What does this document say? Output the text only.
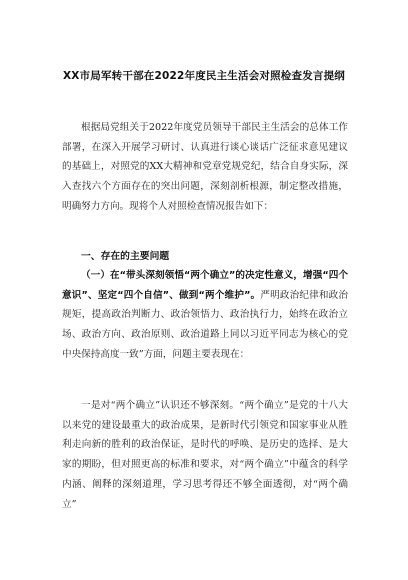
XX市局军转干部在2022年度民主生活会对照检查发言提纲

根据局党组关于2022年度党员领导干部民主生活会的总体工作部署，在深入开展学习研讨、认真进行谈心谈话广泛征求意见建议的基础上，对照党的XX大精神和党章党规党纪，结合自身实际，深入查找六个方面存在的突出问题，深刻剖析根源，制定整改措施，明确努力方向。现将个人对照检查情况报告如下：

一、存在的主要问题

（一）在“带头深刻领悟“两个确立”的决定性意义，增强“四个意识”、坚定“四个自信”、做到“两个维护”。严明政治纪律和政治规矩，提高政治判断力、政治领悟力、政治执行力，始终在政治立场、政治方向、政治原则、政治道路上同以习近平同志为核心的党中央保持高度一致”方面，问题主要表现在：

一是对“两个确立”认识还不够深刻。“两个确立”是党的十八大以来党的建设最重大的政治成果，是新时代引领党和国家事业从胜利走向新的胜利的政治保证，是时代的呼唤、是历史的选择、是大家的期盼，但对照更高的标准和要求，对“两个确立”中蕴含的科学内涵、阐释的深刻道理，学习思考得还不够全面透彻，对“两个确立”
